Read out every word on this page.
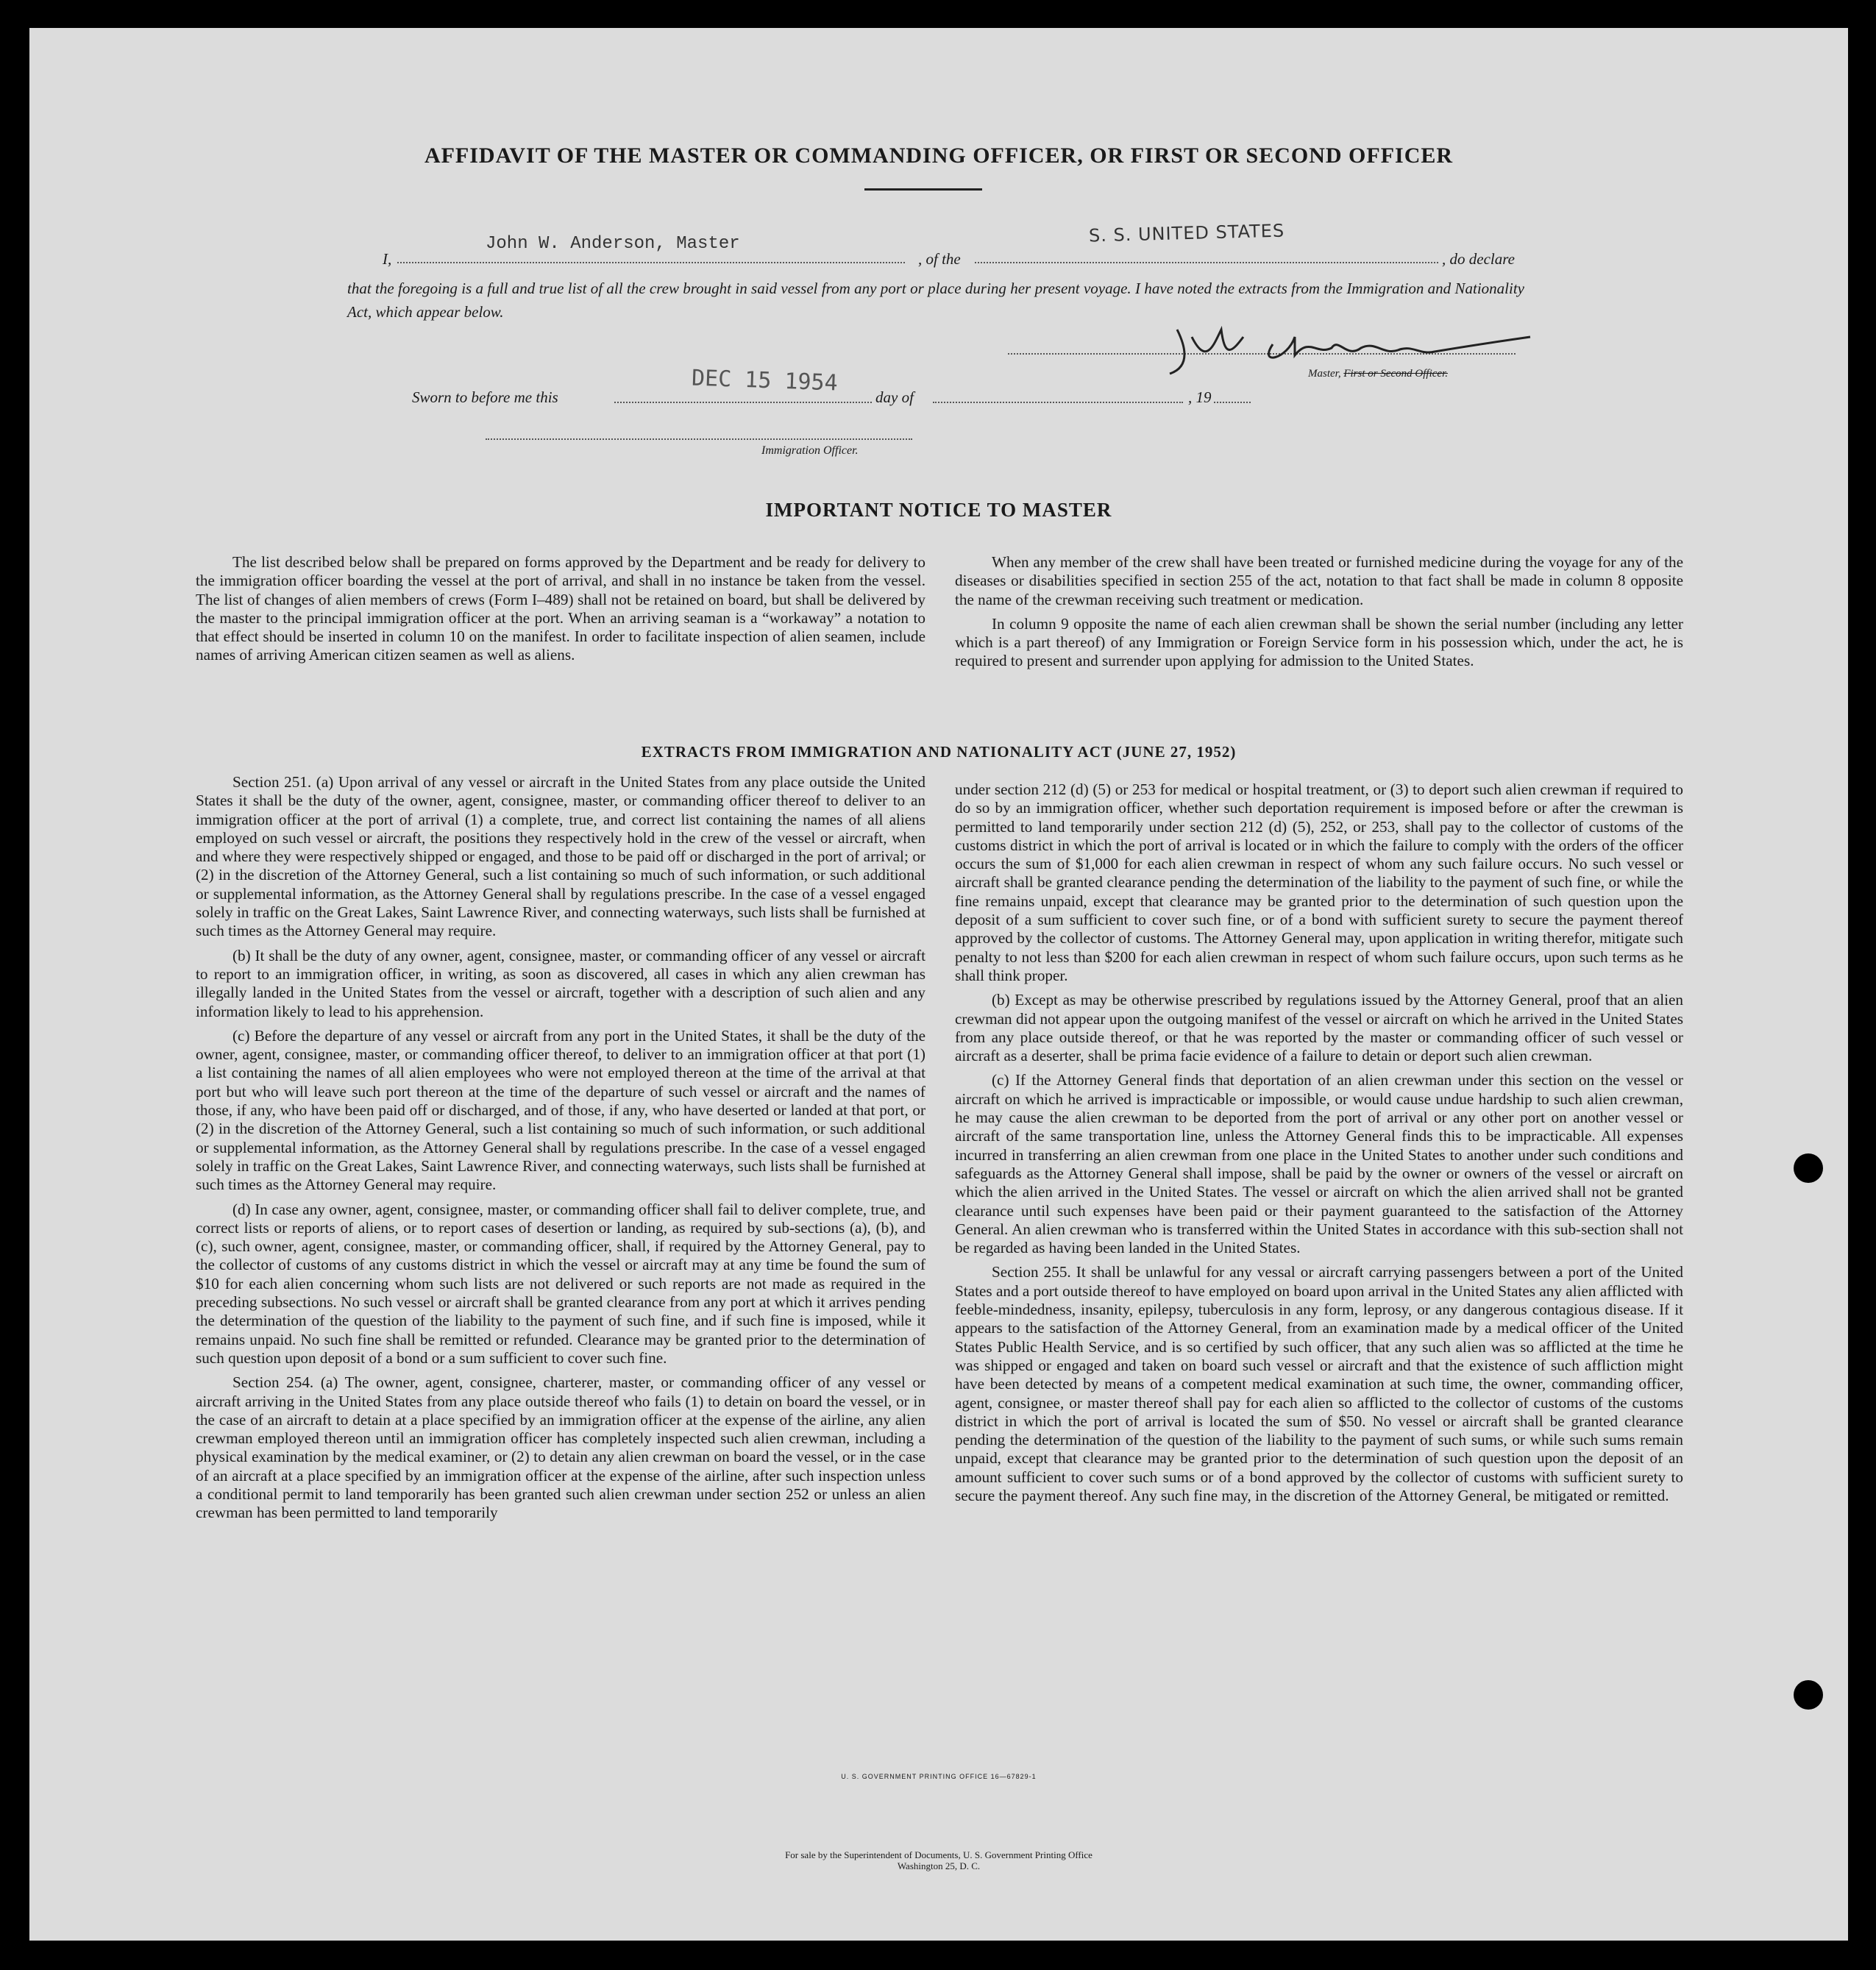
AFFIDAVIT OF THE MASTER OR COMMANDING OFFICER, OR FIRST OR SECOND OFFICER
I,
John W. Anderson, Master
, of the
S. S. UNITED STATES
, do declare
that the foregoing is a full and true list of all the crew brought in said vessel from any port or place during her present voyage. I have noted the extracts from the Immigration and Nationality Act, which appear below.
Master, First or Second Officer.
Sworn to before me this
DEC 15 1954
day of	, 19
Immigration Officer.
IMPORTANT NOTICE TO MASTER

The list described below shall be prepared on forms approved by the Department and be ready for delivery to the immigration officer boarding the vessel at the port of arrival, and shall in no instance be taken from the vessel. The list of changes of alien members of crews (Form I–489) shall not be retained on board, but shall be delivered by the master to the principal immigration officer at the port. When an arriving seaman is a “workaway” a notation to that effect should be inserted in column 10 on the manifest. In order to facilitate inspection of alien seamen, include names of arriving American citizen seamen as well as aliens.

When any member of the crew shall have been treated or furnished medicine during the voyage for any of the diseases or disabilities specified in section 255 of the act, notation to that fact shall be made in column 8 opposite the name of the crewman receiving such treatment or medication.

In column 9 opposite the name of each alien crewman shall be shown the serial number (including any letter which is a part thereof) of any Immigration or Foreign Service form in his possession which, under the act, he is required to present and surrender upon applying for admission to the United States.

EXTRACTS FROM IMMIGRATION AND NATIONALITY ACT (JUNE 27, 1952)

Section 251. (a) Upon arrival of any vessel or aircraft in the United States from any place outside the United States it shall be the duty of the owner, agent, consignee, master, or commanding officer thereof to deliver to an immigration officer at the port of arrival (1) a complete, true, and correct list containing the names of all aliens employed on such vessel or aircraft, the positions they respectively hold in the crew of the vessel or aircraft, when and where they were respectively shipped or engaged, and those to be paid off or discharged in the port of arrival; or (2) in the discretion of the Attorney General, such a list containing so much of such information, or such additional or supplemental information, as the Attorney General shall by regulations prescribe. In the case of a vessel engaged solely in traffic on the Great Lakes, Saint Lawrence River, and connecting waterways, such lists shall be furnished at such times as the Attorney General may require.

(b) It shall be the duty of any owner, agent, consignee, master, or commanding officer of any vessel or aircraft to report to an immigration officer, in writing, as soon as discovered, all cases in which any alien crewman has illegally landed in the United States from the vessel or aircraft, together with a description of such alien and any information likely to lead to his apprehension.

(c) Before the departure of any vessel or aircraft from any port in the United States, it shall be the duty of the owner, agent, consignee, master, or commanding officer thereof, to deliver to an immigration officer at that port (1) a list containing the names of all alien employees who were not employed thereon at the time of the arrival at that port but who will leave such port thereon at the time of the departure of such vessel or aircraft and the names of those, if any, who have been paid off or discharged, and of those, if any, who have deserted or landed at that port, or (2) in the discretion of the Attorney General, such a list containing so much of such information, or such additional or supplemental information, as the Attorney General shall by regulations prescribe. In the case of a vessel engaged solely in traffic on the Great Lakes, Saint Lawrence River, and connecting waterways, such lists shall be furnished at such times as the Attorney General may require.

(d) In case any owner, agent, consignee, master, or commanding officer shall fail to deliver complete, true, and correct lists or reports of aliens, or to report cases of desertion or landing, as required by sub-sections (a), (b), and (c), such owner, agent, consignee, master, or commanding officer, shall, if required by the Attorney General, pay to the collector of customs of any customs district in which the vessel or aircraft may at any time be found the sum of $10 for each alien concerning whom such lists are not delivered or such reports are not made as required in the preceding subsections. No such vessel or aircraft shall be granted clearance from any port at which it arrives pending the determination of the question of the liability to the payment of such fine, and if such fine is imposed, while it remains unpaid. No such fine shall be remitted or refunded. Clearance may be granted prior to the determination of such question upon deposit of a bond or a sum sufficient to cover such fine.

Section 254. (a) The owner, agent, consignee, charterer, master, or commanding officer of any vessel or aircraft arriving in the United States from any place outside thereof who fails (1) to detain on board the vessel, or in the case of an aircraft to detain at a place specified by an immigration officer at the expense of the airline, any alien crewman employed thereon until an immigration officer has completely inspected such alien crewman, including a physical examination by the medical examiner, or (2) to detain any alien crewman on board the vessel, or in the case of an aircraft at a place specified by an immigration officer at the expense of the airline, after such inspection unless a conditional permit to land temporarily has been granted such alien crewman under section 252 or unless an alien crewman has been permitted to land temporarily

under section 212 (d) (5) or 253 for medical or hospital treatment, or (3) to deport such alien crewman if required to do so by an immigration officer, whether such deportation requirement is imposed before or after the crewman is permitted to land temporarily under section 212 (d) (5), 252, or 253, shall pay to the collector of customs of the customs district in which the port of arrival is located or in which the failure to comply with the orders of the officer occurs the sum of $1,000 for each alien crewman in respect of whom any such failure occurs. No such vessel or aircraft shall be granted clearance pending the determination of the liability to the payment of such fine, or while the fine remains unpaid, except that clearance may be granted prior to the determination of such question upon the deposit of a sum sufficient to cover such fine, or of a bond with sufficient surety to secure the payment thereof approved by the collector of customs. The Attorney General may, upon application in writing therefor, mitigate such penalty to not less than $200 for each alien crewman in respect of whom such failure occurs, upon such terms as he shall think proper.

(b) Except as may be otherwise prescribed by regulations issued by the Attorney General, proof that an alien crewman did not appear upon the outgoing manifest of the vessel or aircraft on which he arrived in the United States from any place outside thereof, or that he was reported by the master or commanding officer of such vessel or aircraft as a deserter, shall be prima facie evidence of a failure to detain or deport such alien crewman.

(c) If the Attorney General finds that deportation of an alien crewman under this section on the vessel or aircraft on which he arrived is impracticable or impossible, or would cause undue hardship to such alien crewman, he may cause the alien crewman to be deported from the port of arrival or any other port on another vessel or aircraft of the same transportation line, unless the Attorney General finds this to be impracticable. All expenses incurred in transferring an alien crewman from one place in the United States to another under such conditions and safeguards as the Attorney General shall impose, shall be paid by the owner or owners of the vessel or aircraft on which the alien arrived in the United States. The vessel or aircraft on which the alien arrived shall not be granted clearance until such expenses have been paid or their payment guaranteed to the satisfaction of the Attorney General. An alien crewman who is transferred within the United States in accordance with this sub-section shall not be regarded as having been landed in the United States.

Section 255. It shall be unlawful for any vessal or aircraft carrying passengers between a port of the United States and a port outside thereof to have employed on board upon arrival in the United States any alien afflicted with feeble-mindedness, insanity, epilepsy, tuberculosis in any form, leprosy, or any dangerous contagious disease. If it appears to the satisfaction of the Attorney General, from an examination made by a medical officer of the United States Public Health Service, and is so certified by such officer, that any such alien was so afflicted at the time he was shipped or engaged and taken on board such vessel or aircraft and that the existence of such affliction might have been detected by means of a competent medical examination at such time, the owner, commanding officer, agent, consignee, or master thereof shall pay for each alien so afflicted to the collector of customs of the customs district in which the port of arrival is located the sum of $50. No vessel or aircraft shall be granted clearance pending the determination of the question of the liability to the payment of such sums, or while such sums remain unpaid, except that clearance may be granted prior to the determination of such question upon the deposit of an amount sufficient to cover such sums or of a bond approved by the collector of customs with sufficient surety to secure the payment thereof. Any such fine may, in the discretion of the Attorney General, be mitigated or remitted.

U. S. GOVERNMENT PRINTING OFFICE 16—67829-1
For sale by the Superintendent of Documents, U. S. Government Printing Office
Washington 25, D. C.
